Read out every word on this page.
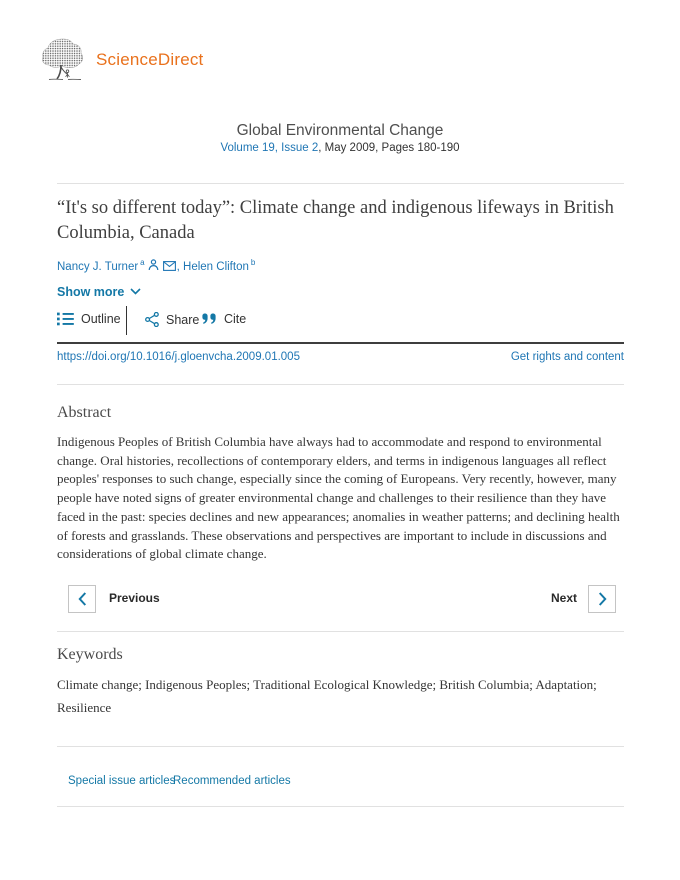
ScienceDirect
Global Environmental Change
Volume 19, Issue 2, May 2009, Pages 180-190
“It's so different today”: Climate change and indigenous lifeways in British Columbia, Canada
Nancy J. Turner $^a$	, Helen Clifton $^b$
Show more
Outline	Share Cite
https://doi.org/10.1016/j.gloenvcha.2009.01.005	Get rights and content
Abstract
Indigenous Peoples of British Columbia have always had to accommodate and respond to environmental change. Oral histories, recollections of contemporary elders, and terms in indigenous languages all reflect peoples' responses to such change, especially since the coming of Europeans. Very recently, however, many people have noted signs of greater environmental change and challenges to their resilience than they have faced in the past: species declines and new appearances; anomalies in weather patterns; and declining health of forests and grasslands. These observations and perspectives are important to include in discussions and considerations of global climate change.
Previous	Next
Keywords
Climate change; Indigenous Peoples; Traditional Ecological Knowledge; British Columbia; Adaptation; Resilience
Special issue articles
Recommended articles
